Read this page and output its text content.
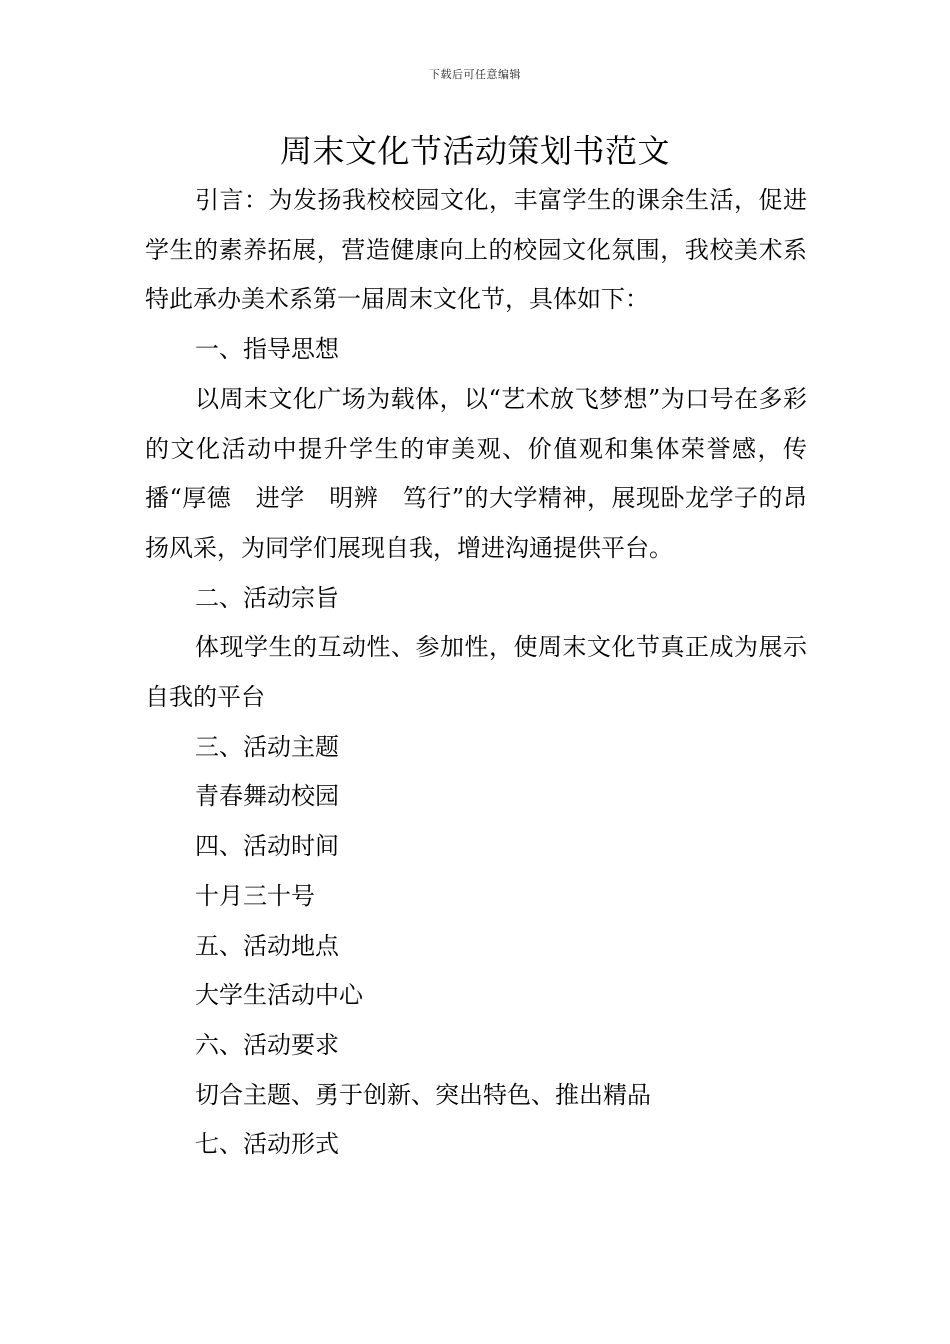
下载后可任意编辑
周末文化节活动策划书范文

引言：为发扬我校校园文化，丰富学生的课余生活，促进学生的素养拓展，营造健康向上的校园文化氛围，我校美术系特此承办美术系第一届周末文化节，具体如下：

一、指导思想

以周末文化广场为载体，以“艺术放飞梦想”为口号在多彩的文化活动中提升学生的审美观、价值观和集体荣誉感，传播“厚德　进学　明辨　笃行”的大学精神，展现卧龙学子的昂扬风采，为同学们展现自我，增进沟通提供平台。

二、活动宗旨

体现学生的互动性、参加性，使周末文化节真正成为展示自我的平台

三、活动主题

青春舞动校园

四、活动时间

十月三十号

五、活动地点

大学生活动中心

六、活动要求

切合主题、勇于创新、突出特色、推出精品

七、活动形式
